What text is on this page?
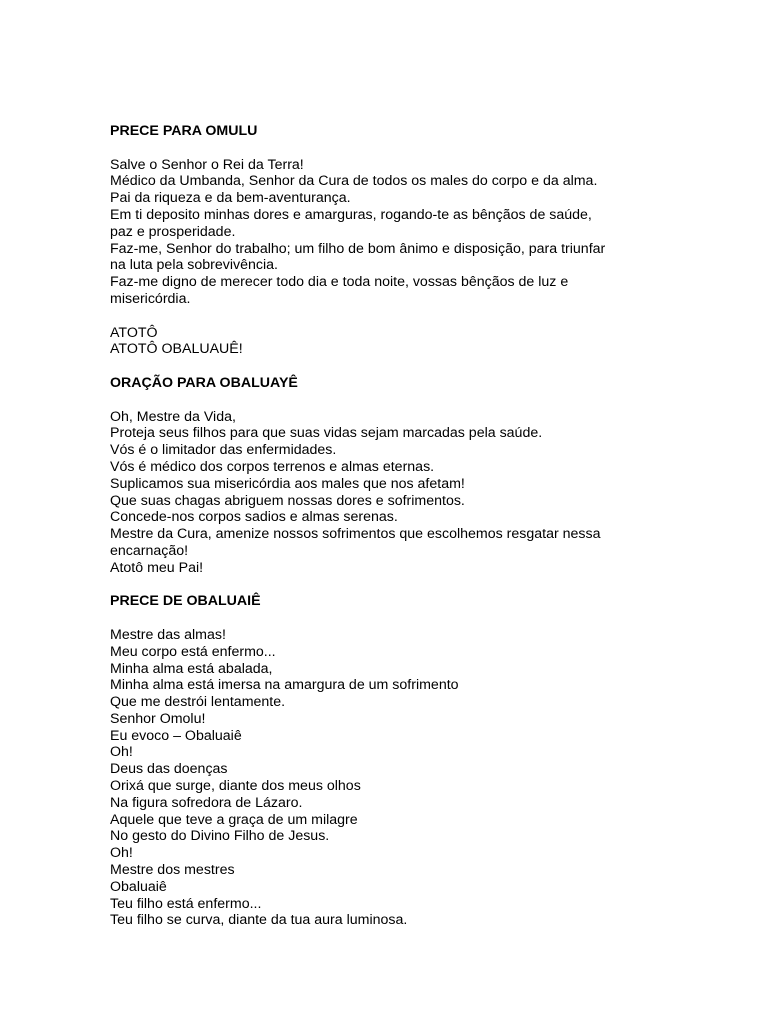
PRECE PARA OMULU
Salve o Senhor o Rei da Terra!
Médico da Umbanda, Senhor da Cura de todos os males do corpo e da alma.
Pai da riqueza e da bem-aventurança.
Em ti deposito minhas dores e amarguras, rogando-te as bênçãos de saúde,
paz e prosperidade.
Faz-me, Senhor do trabalho; um filho de bom ânimo e disposição, para triunfar
na luta pela sobrevivência.
Faz-me digno de merecer todo dia e toda noite, vossas bênçãos de luz e
misericórdia.
ATOTÔ
ATOTÔ OBALUAUÊ!
ORAÇÃO PARA OBALUAYÊ
Oh, Mestre da Vida,
Proteja seus filhos para que suas vidas sejam marcadas pela saúde.
Vós é o limitador das enfermidades.
Vós é médico dos corpos terrenos e almas eternas.
Suplicamos sua misericórdia aos males que nos afetam!
Que suas chagas abriguem nossas dores e sofrimentos.
Concede-nos corpos sadios e almas serenas.
Mestre da Cura, amenize nossos sofrimentos que escolhemos resgatar nessa
encarnação!
Atotô meu Pai!
PRECE DE OBALUAIÊ
Mestre das almas!
Meu corpo está enfermo...
Minha alma está abalada,
Minha alma está imersa na amargura de um sofrimento
Que me destrói lentamente.
Senhor Omolu!
Eu evoco – Obaluaiê
Oh!
Deus das doenças
Orixá que surge, diante dos meus olhos
Na figura sofredora de Lázaro.
Aquele que teve a graça de um milagre
No gesto do Divino Filho de Jesus.
Oh!
Mestre dos mestres
Obaluaiê
Teu filho está enfermo...
Teu filho se curva, diante da tua aura luminosa.
